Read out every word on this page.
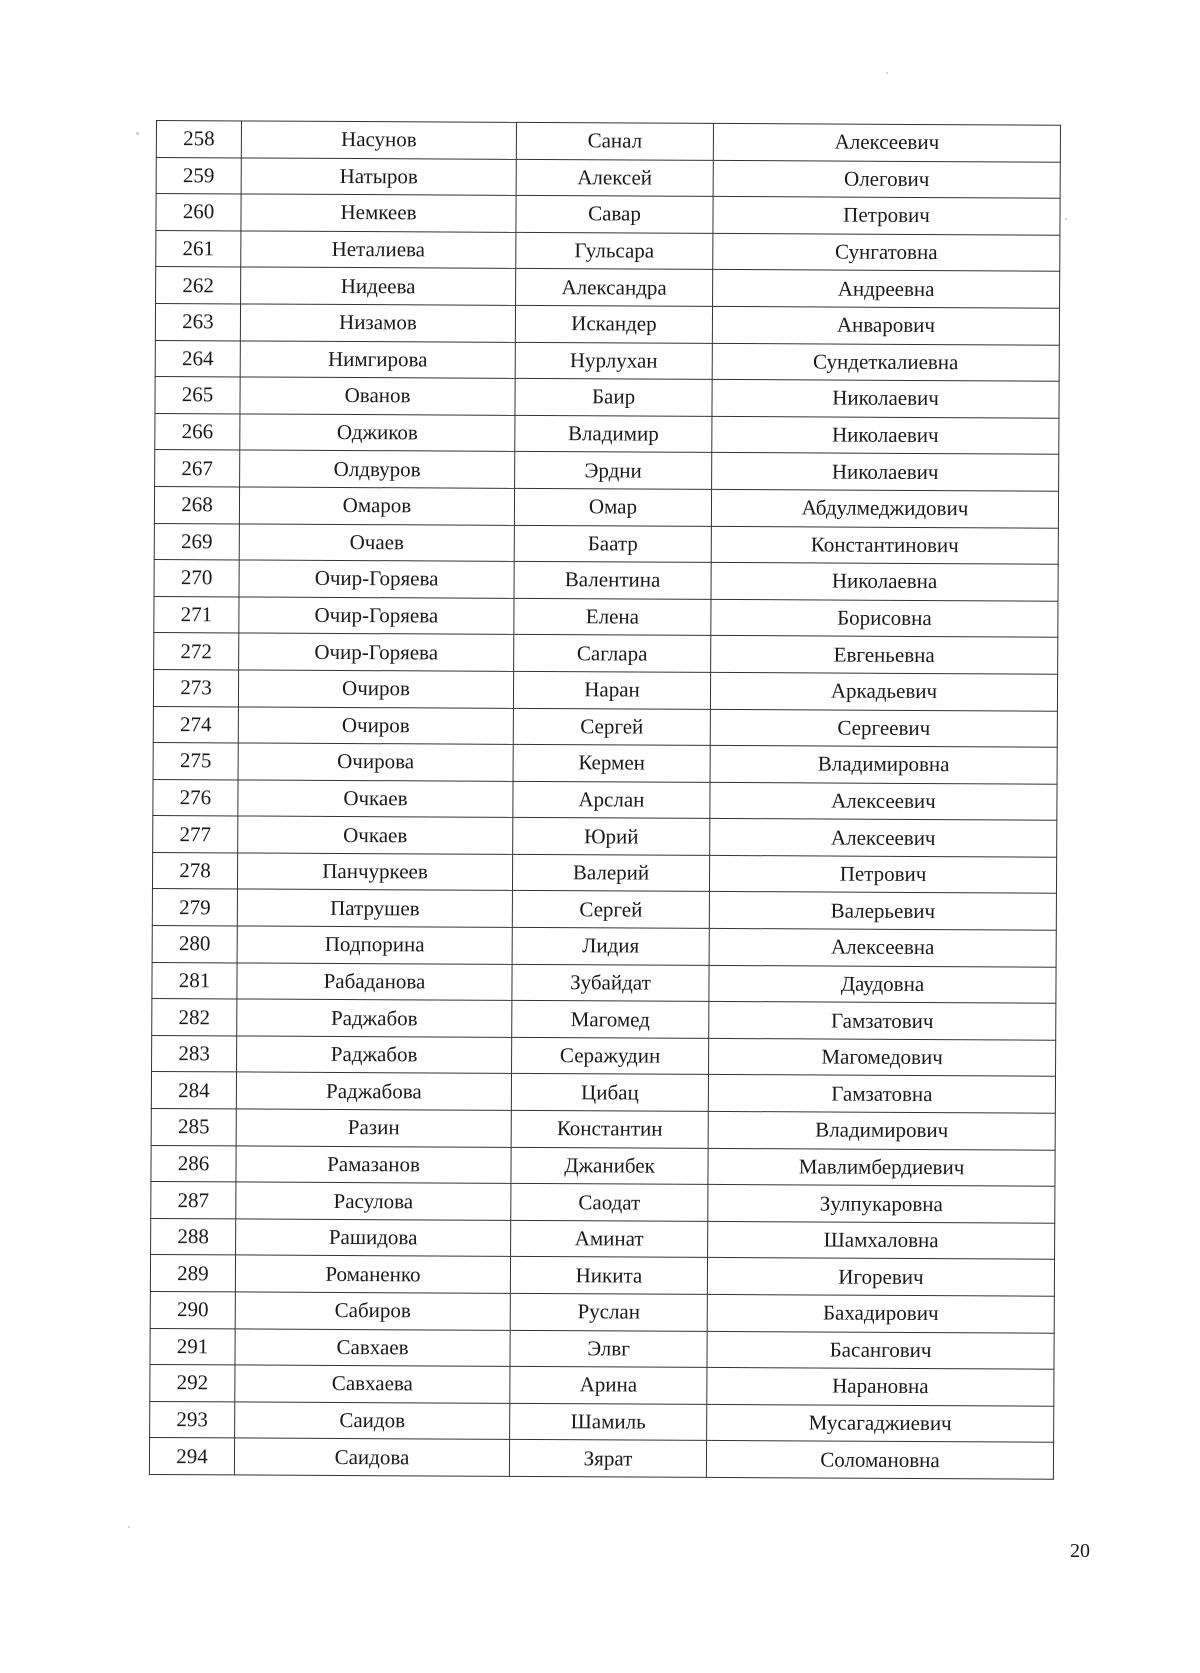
258	Насунов	Санал	Алексеевич
259	Натыров	Алексей	Олегович
260	Немкеев	Савар	Петрович
261	Неталиева	Гульсара	Сунгатовна
262	Нидеева	Александра	Андреевна
263	Низамов	Искандер	Анварович
264	Нимгирова	Нурлухан	Сундеткалиевна
265	Ованов	Баир	Николаевич
266	Оджиков	Владимир	Николаевич
267	Олдвуров	Эрдни	Николаевич
268	Омаров	Омар	Абдулмеджидович
269	Очаев	Баатр	Константинович
270	Очир-Горяева	Валентина	Николаевна
271	Очир-Горяева	Елена	Борисовна
272	Очир-Горяева	Саглара	Евгеньевна
273	Очиров	Наран	Аркадьевич
274	Очиров	Сергей	Сергеевич
275	Очирова	Кермен	Владимировна
276	Очкаев	Арслан	Алексеевич
277	Очкаев	Юрий	Алексеевич
278	Панчуркеев	Валерий	Петрович
279	Патрушев	Сергей	Валерьевич
280	Подпорина	Лидия	Алексеевна
281	Рабаданова	Зубайдат	Даудовна
282	Раджабов	Магомед	Гамзатович
283	Раджабов	Серажудин	Магомедович
284	Раджабова	Цибац	Гамзатовна
285	Разин	Константин	Владимирович
286	Рамазанов	Джанибек	Мавлимбердиевич
287	Расулова	Саодат	Зулпукаровна
288	Рашидова	Аминат	Шамхаловна
289	Романенко	Никита	Игоревич
290	Сабиров	Руслан	Бахадирович
291	Савхаев	Элвг	Басангович
292	Савхаева	Арина	Нарановна
293	Саидов	Шамиль	Мусагаджиевич
294	Саидова	Зярат	Соломановна
20
